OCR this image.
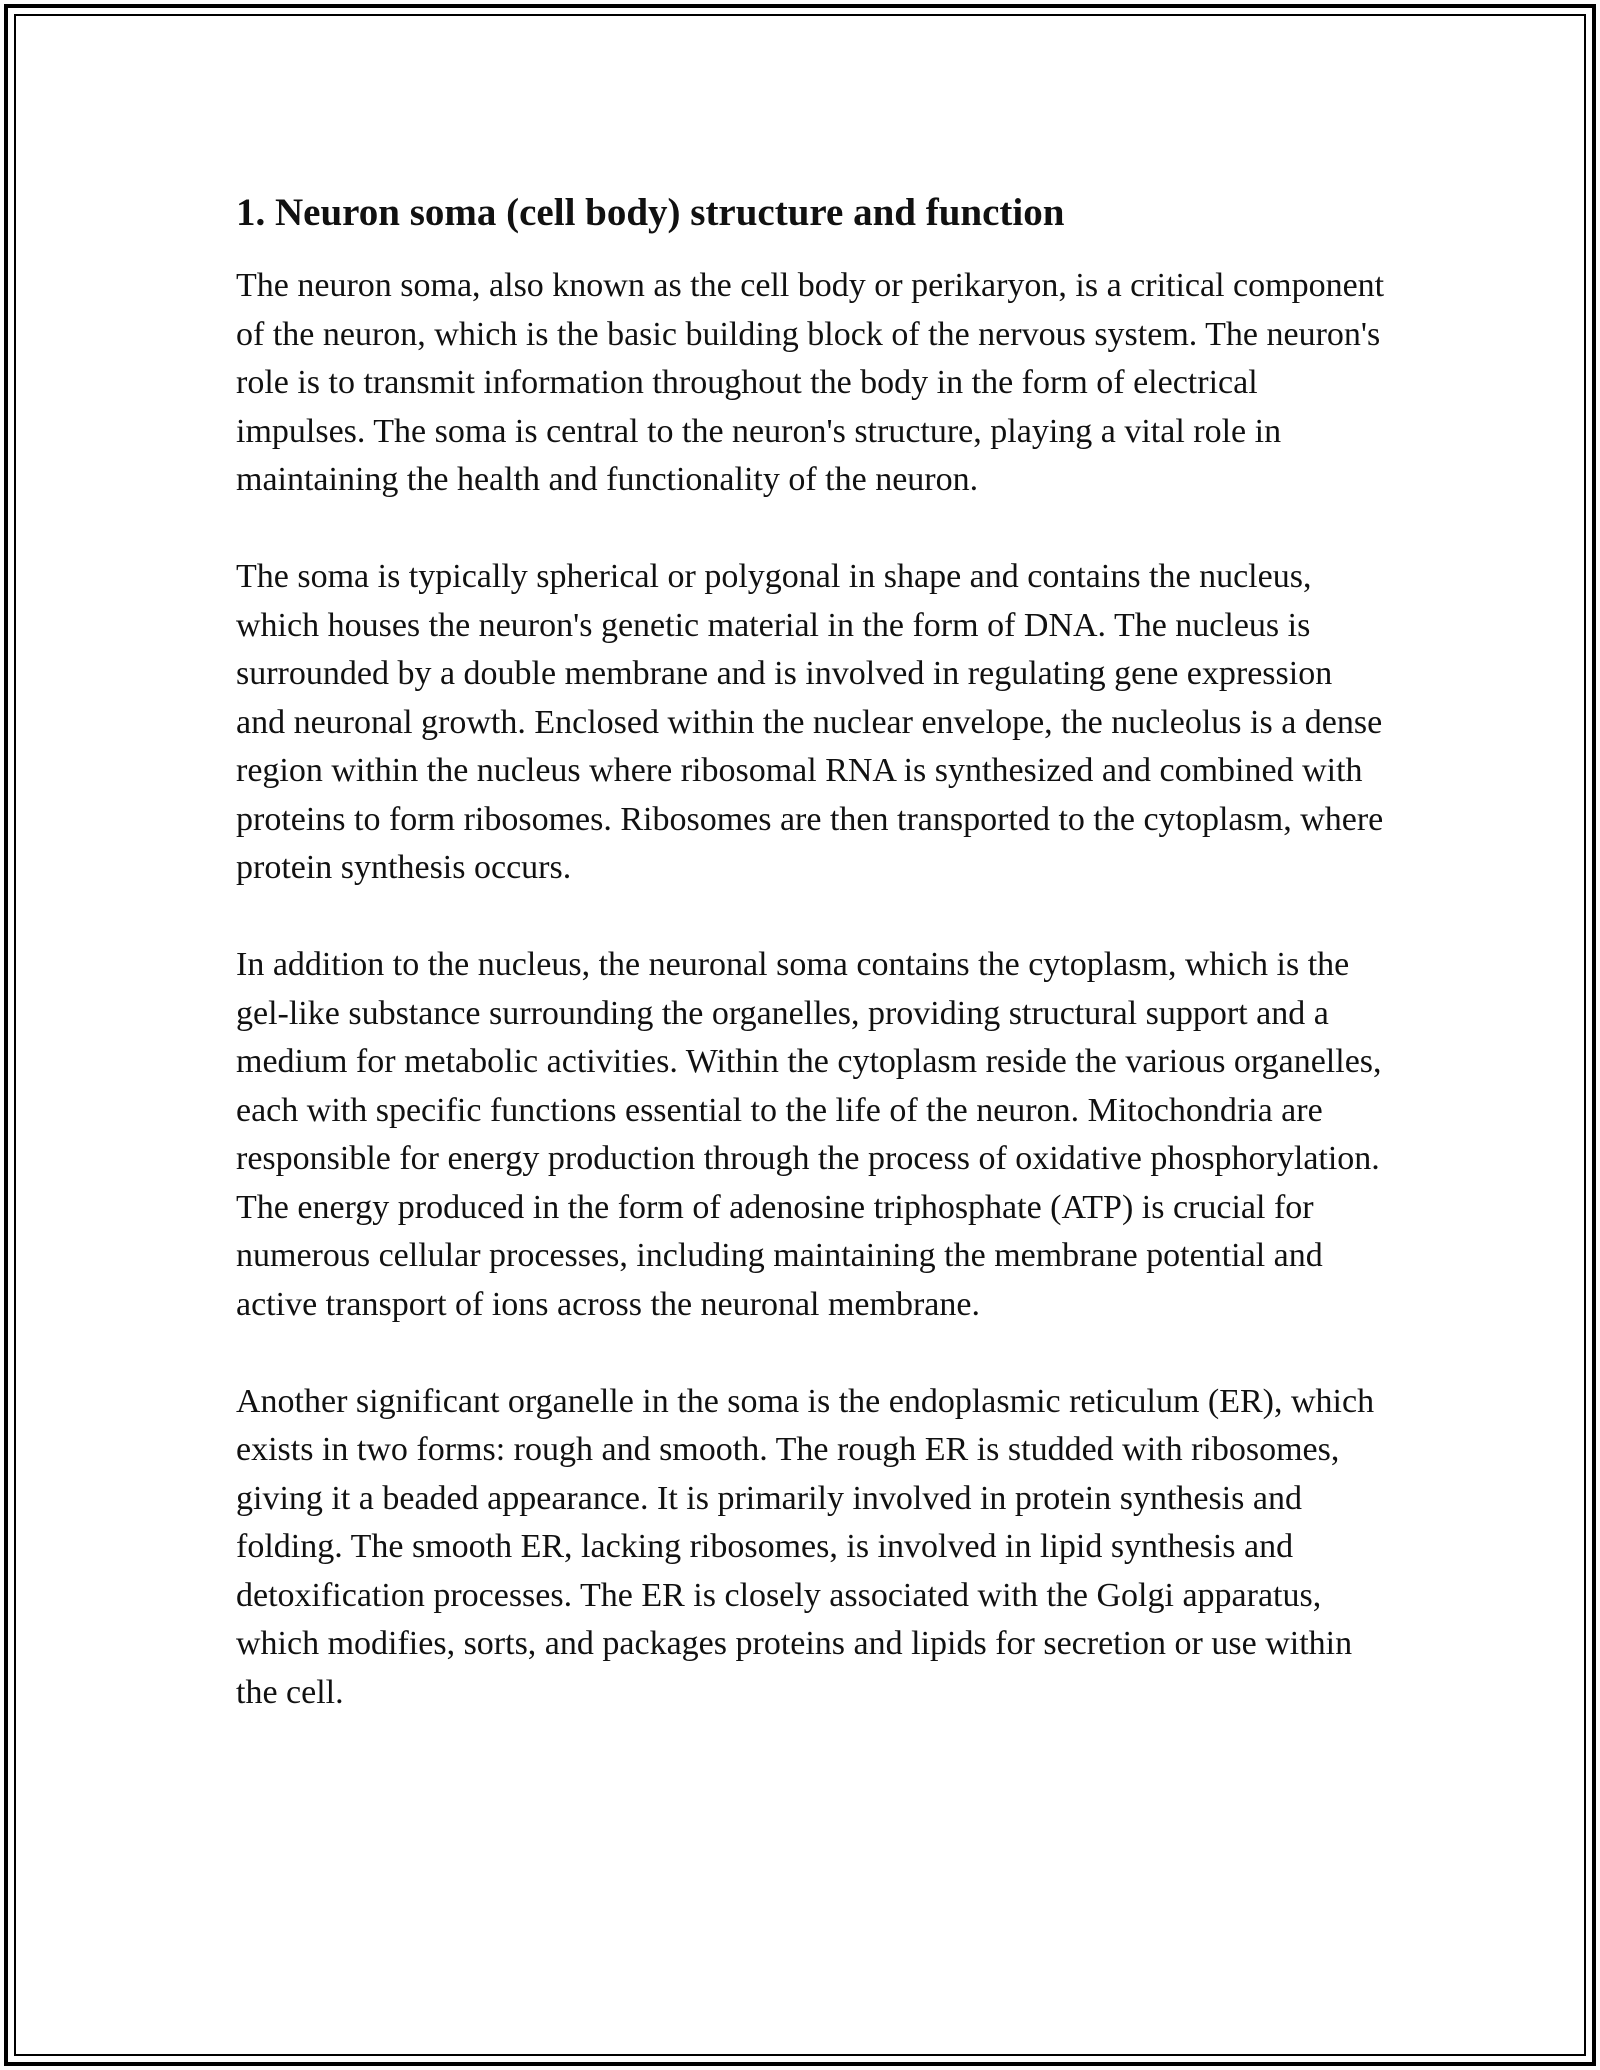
1. Neuron soma (cell body) structure and function

The neuron soma, also known as the cell body or perikaryon, is a critical component of the neuron, which is the basic building block of the nervous system. The neuron's role is to transmit information throughout the body in the form of electrical impulses. The soma is central to the neuron's structure, playing a vital role in maintaining the health and functionality of the neuron.

The soma is typically spherical or polygonal in shape and contains the nucleus, which houses the neuron's genetic material in the form of DNA. The nucleus is surrounded by a double membrane and is involved in regulating gene expression and neuronal growth. Enclosed within the nuclear envelope, the nucleolus is a dense region within the nucleus where ribosomal RNA is synthesized and combined with proteins to form ribosomes. Ribosomes are then transported to the cytoplasm, where protein synthesis occurs.

In addition to the nucleus, the neuronal soma contains the cytoplasm, which is the gel-like substance surrounding the organelles, providing structural support and a medium for metabolic activities. Within the cytoplasm reside the various organelles, each with specific functions essential to the life of the neuron. Mitochondria are responsible for energy production through the process of oxidative phosphorylation. The energy produced in the form of adenosine triphosphate (ATP) is crucial for numerous cellular processes, including maintaining the membrane potential and active transport of ions across the neuronal membrane.

Another significant organelle in the soma is the endoplasmic reticulum (ER), which exists in two forms: rough and smooth. The rough ER is studded with ribosomes, giving it a beaded appearance. It is primarily involved in protein synthesis and folding. The smooth ER, lacking ribosomes, is involved in lipid synthesis and detoxification processes. The ER is closely associated with the Golgi apparatus, which modifies, sorts, and packages proteins and lipids for secretion or use within the cell.
